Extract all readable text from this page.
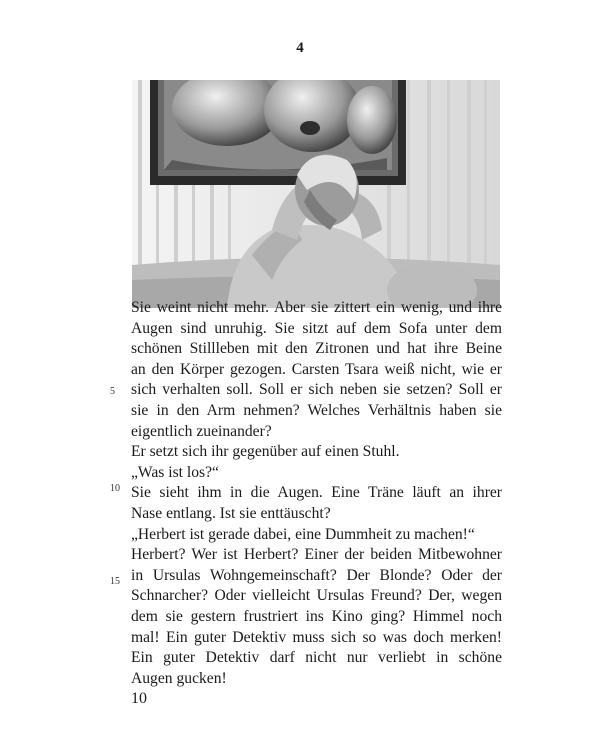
4
5
10
15
Sie weint nicht mehr. Aber sie zittert ein wenig, und ihre
Augen sind unruhig. Sie sitzt auf dem Sofa unter dem
schönen Stillleben mit den Zitronen und hat ihre Beine
an den Körper gezogen. Carsten Tsara weiß nicht, wie er
sich verhalten soll. Soll er sich neben sie setzen? Soll er
sie in den Arm nehmen? Welches Verhältnis haben sie
eigentlich zueinander?
Er setzt sich ihr gegenüber auf einen Stuhl.
„Was ist los?“
Sie sieht ihm in die Augen. Eine Träne läuft an ihrer
Nase entlang. Ist sie enttäuscht?
„Herbert ist gerade dabei, eine Dummheit zu machen!“
Herbert? Wer ist Herbert? Einer der beiden Mitbewohner
in Ursulas Wohngemeinschaft? Der Blonde? Oder der
Schnarcher? Oder vielleicht Ursulas Freund? Der, wegen
dem sie gestern frustriert ins Kino ging? Himmel noch
mal! Ein guter Detektiv muss sich so was doch merken!
Ein guter Detektiv darf nicht nur verliebt in schöne
Augen gucken!
10
